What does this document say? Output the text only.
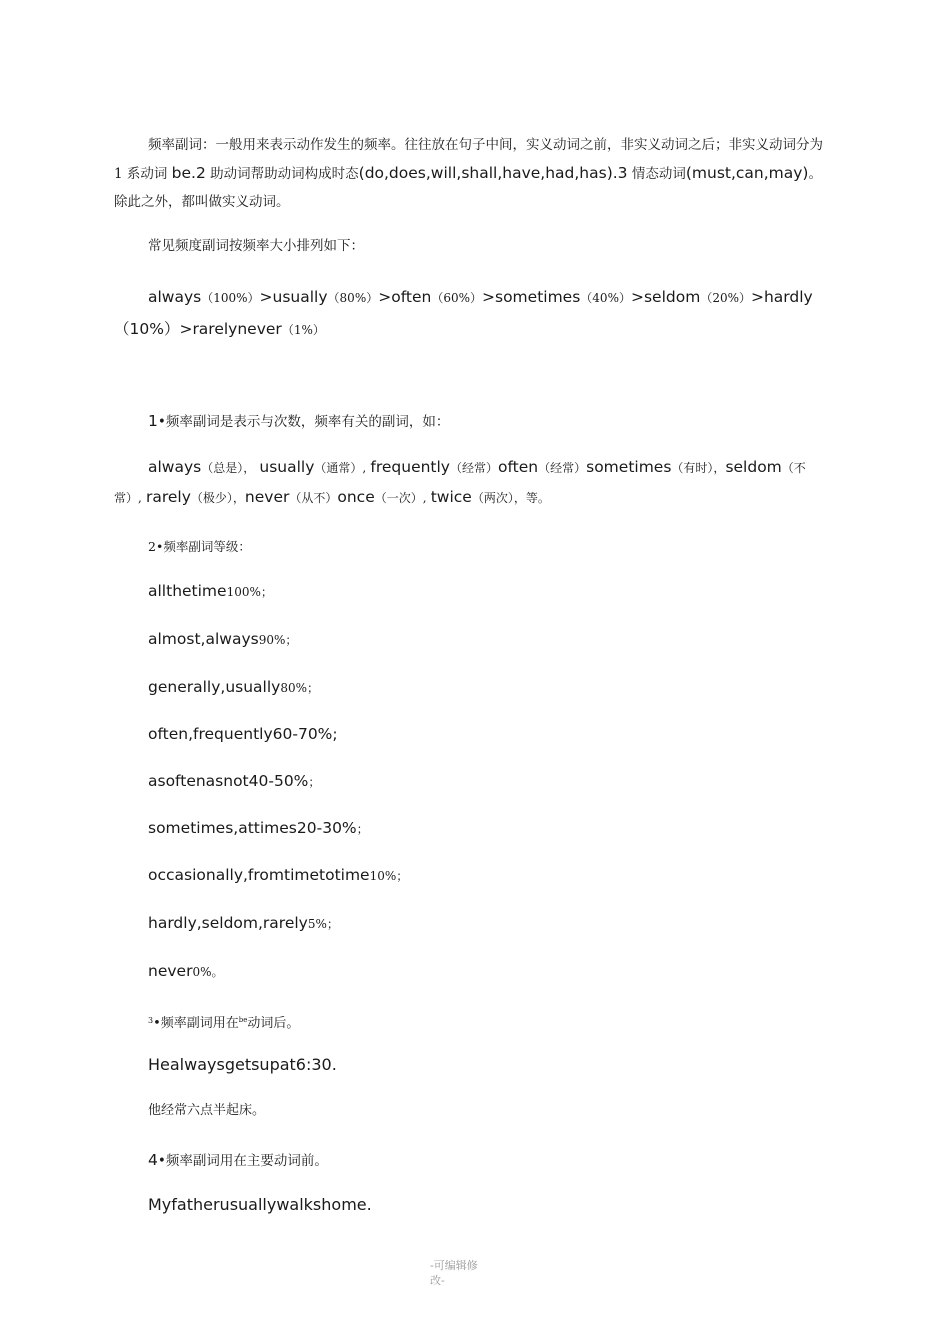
频率副词：一般用来表示动作发生的频率。往往放在句子中间，实义动词之前，非实义动词之后；非实义动词分为 1 系动词 be.2 助动词帮助动词构成时态(do,does,will,shall,have,had,has).3 情态动词(must,can,may)。除此之外，都叫做实义动词。

常见频度副词按频率大小排列如下：

always（100%）>usually（80%）>often（60%）>sometimes（40%）>seldom（20%）>hardly（10%）>rarelynever（1%）

1•频率副词是表示与次数，频率有关的副词，如：

always（总是）， usually（通常）, frequently（经常）often（经常）sometimes（有时），seldom（不常）, rarely（极少），never（从不）once（一次）, twice（两次），等。

2•频率副词等级：

allthetime100%；

almost,always90%；

generally,usually80%；

often,frequently60-70%;

asoftenasnot40-50%；

sometimes,attimes20-30%；

occasionally,fromtimetotime10%；

hardly,seldom,rarely5%；

never0%。

$^3$•频率副词用在$^{be}$动词后。

Healwaysgetsupat6:30.

他经常六点半起床。

4•频率副词用在主要动词前。

Myfatherusuallywalkshome.

-可编辑修改-
